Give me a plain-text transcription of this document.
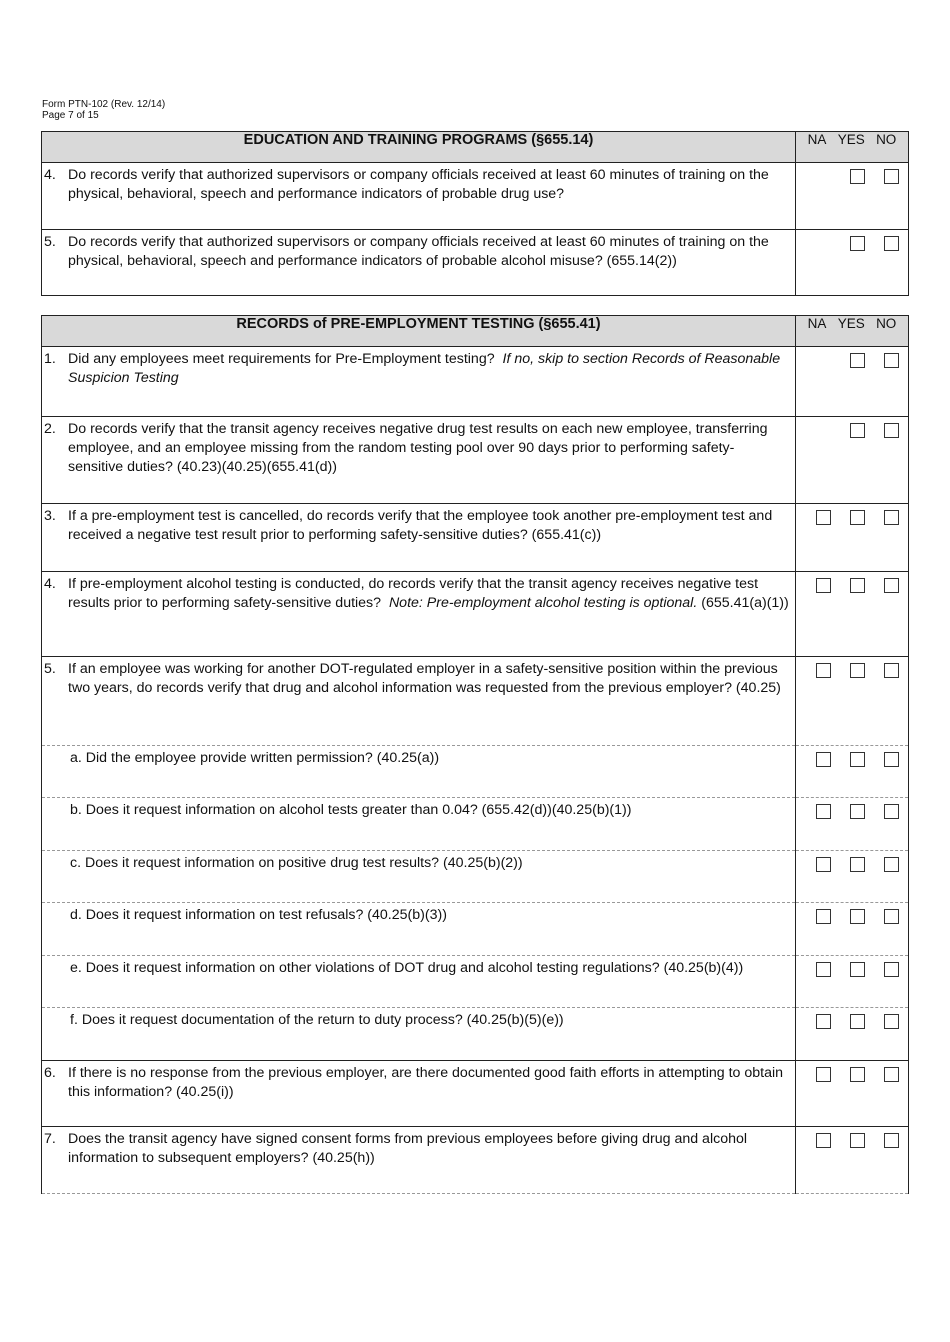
Form PTN-102 (Rev. 12/14)
Page 7 of 15
EDUCATION AND TRAINING PROGRAMS (§655.14)	NA YES NO

4. Do records verify that authorized supervisors or company officials received at least 60 minutes of training on the physical, behavioral, speech and performance indicators of probable drug use?	

5. Do records verify that authorized supervisors or company officials received at least 60 minutes of training on the physical, behavioral, speech and performance indicators of probable alcohol misuse? (655.14(2))	

RECORDS of PRE-EMPLOYMENT TESTING (§655.41)	NA YES NO

1. Did any employees meet requirements for Pre-Employment testing? If no, skip to section Records of Reasonable Suspicion Testing	

2. Do records verify that the transit agency receives negative drug test results on each new employee, transferring employee, and an employee missing from the random testing pool over 90 days prior to performing safety-sensitive duties? (40.23)(40.25)(655.41(d))	

3. If a pre-employment test is cancelled, do records verify that the employee took another pre-employment test and received a negative test result prior to performing safety-sensitive duties? (655.41(c))	

4. If pre-employment alcohol testing is conducted, do records verify that the transit agency receives negative test results prior to performing safety-sensitive duties? Note: Pre-employment alcohol testing is optional. (655.41(a)(1))	

5. If an employee was working for another DOT-regulated employer in a safety-sensitive position within the previous two years, do records verify that drug and alcohol information was requested from the previous employer? (40.25)	

a. Did the employee provide written permission? (40.25(a))	

b. Does it request information on alcohol tests greater than 0.04? (655.42(d))(40.25(b)(1))	

c. Does it request information on positive drug test results? (40.25(b)(2))	

d. Does it request information on test refusals? (40.25(b)(3))	

e. Does it request information on other violations of DOT drug and alcohol testing regulations? (40.25(b)(4))	

f. Does it request documentation of the return to duty process? (40.25(b)(5)(e))	

6. If there is no response from the previous employer, are there documented good faith efforts in attempting to obtain this information? (40.25(i))	

7. Does the transit agency have signed consent forms from previous employees before giving drug and alcohol information to subsequent employers? (40.25(h))	
